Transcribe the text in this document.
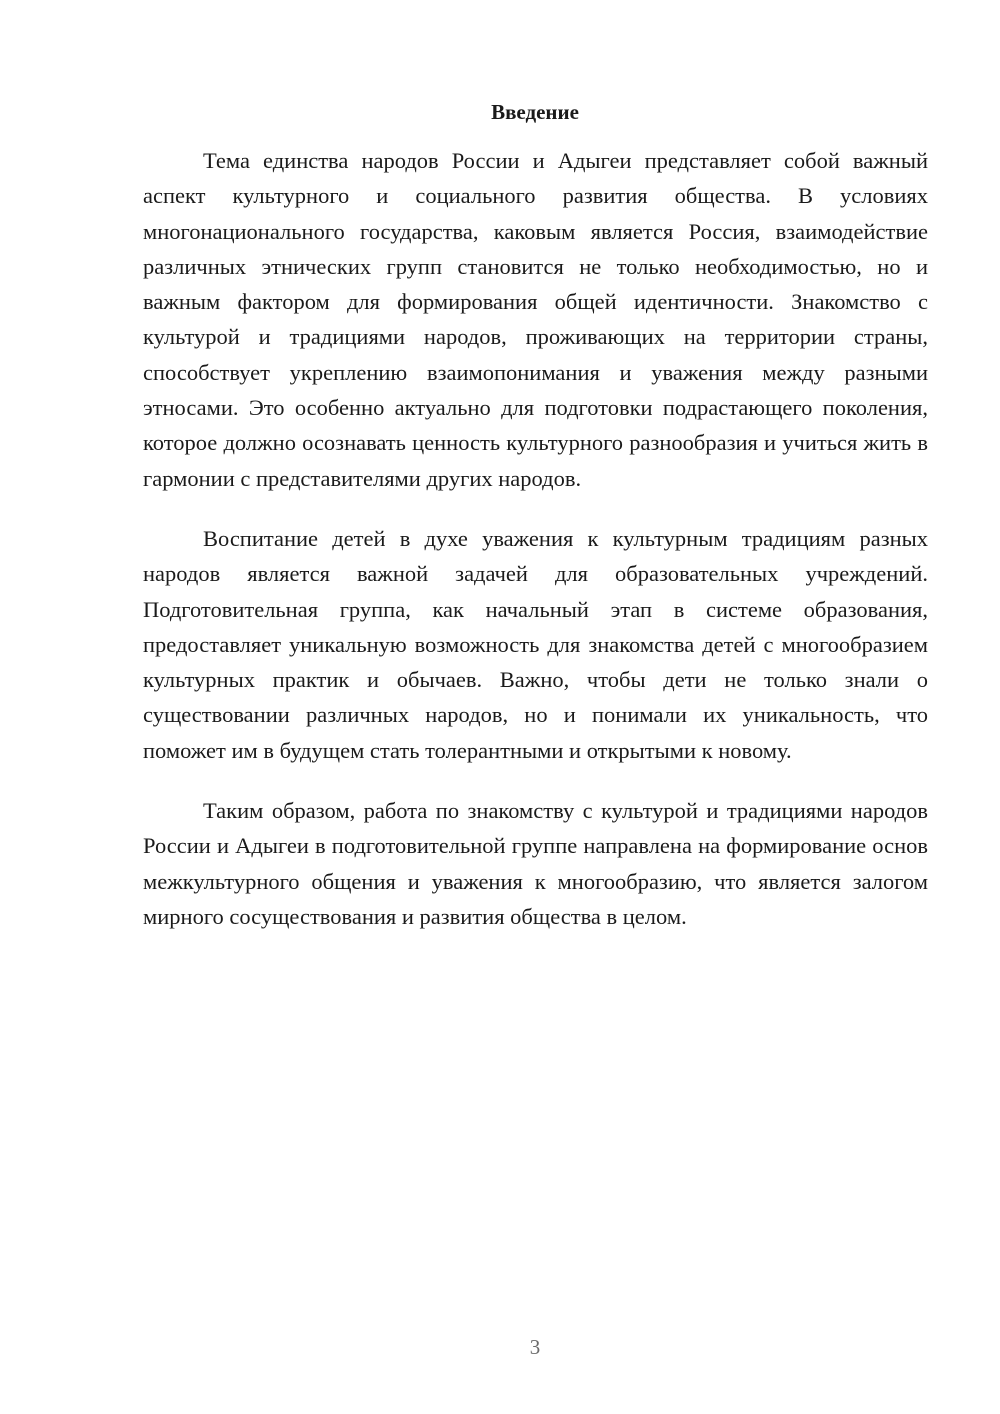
Введение

Тема единства народов России и Адыгеи представляет собой важный аспект культурного и социального развития общества. В условиях многонационального государства, каковым является Россия, взаимодействие различных этнических групп становится не только необходимостью, но и важным фактором для формирования общей идентичности. Знакомство с культурой и традициями народов, проживающих на территории страны, способствует укреплению взаимопонимания и уважения между разными этносами. Это особенно актуально для подготовки подрастающего поколения, которое должно осознавать ценность культурного разнообразия и учиться жить в гармонии с представителями других народов.

Воспитание детей в духе уважения к культурным традициям разных народов является важной задачей для образовательных учреждений. Подготовительная группа, как начальный этап в системе образования, предоставляет уникальную возможность для знакомства детей с многообразием культурных практик и обычаев. Важно, чтобы дети не только знали о существовании различных народов, но и понимали их уникальность, что поможет им в будущем стать толерантными и открытыми к новому.

Таким образом, работа по знакомству с культурой и традициями народов России и Адыгеи в подготовительной группе направлена на формирование основ межкультурного общения и уважения к многообразию, что является залогом мирного сосуществования и развития общества в целом.

3
